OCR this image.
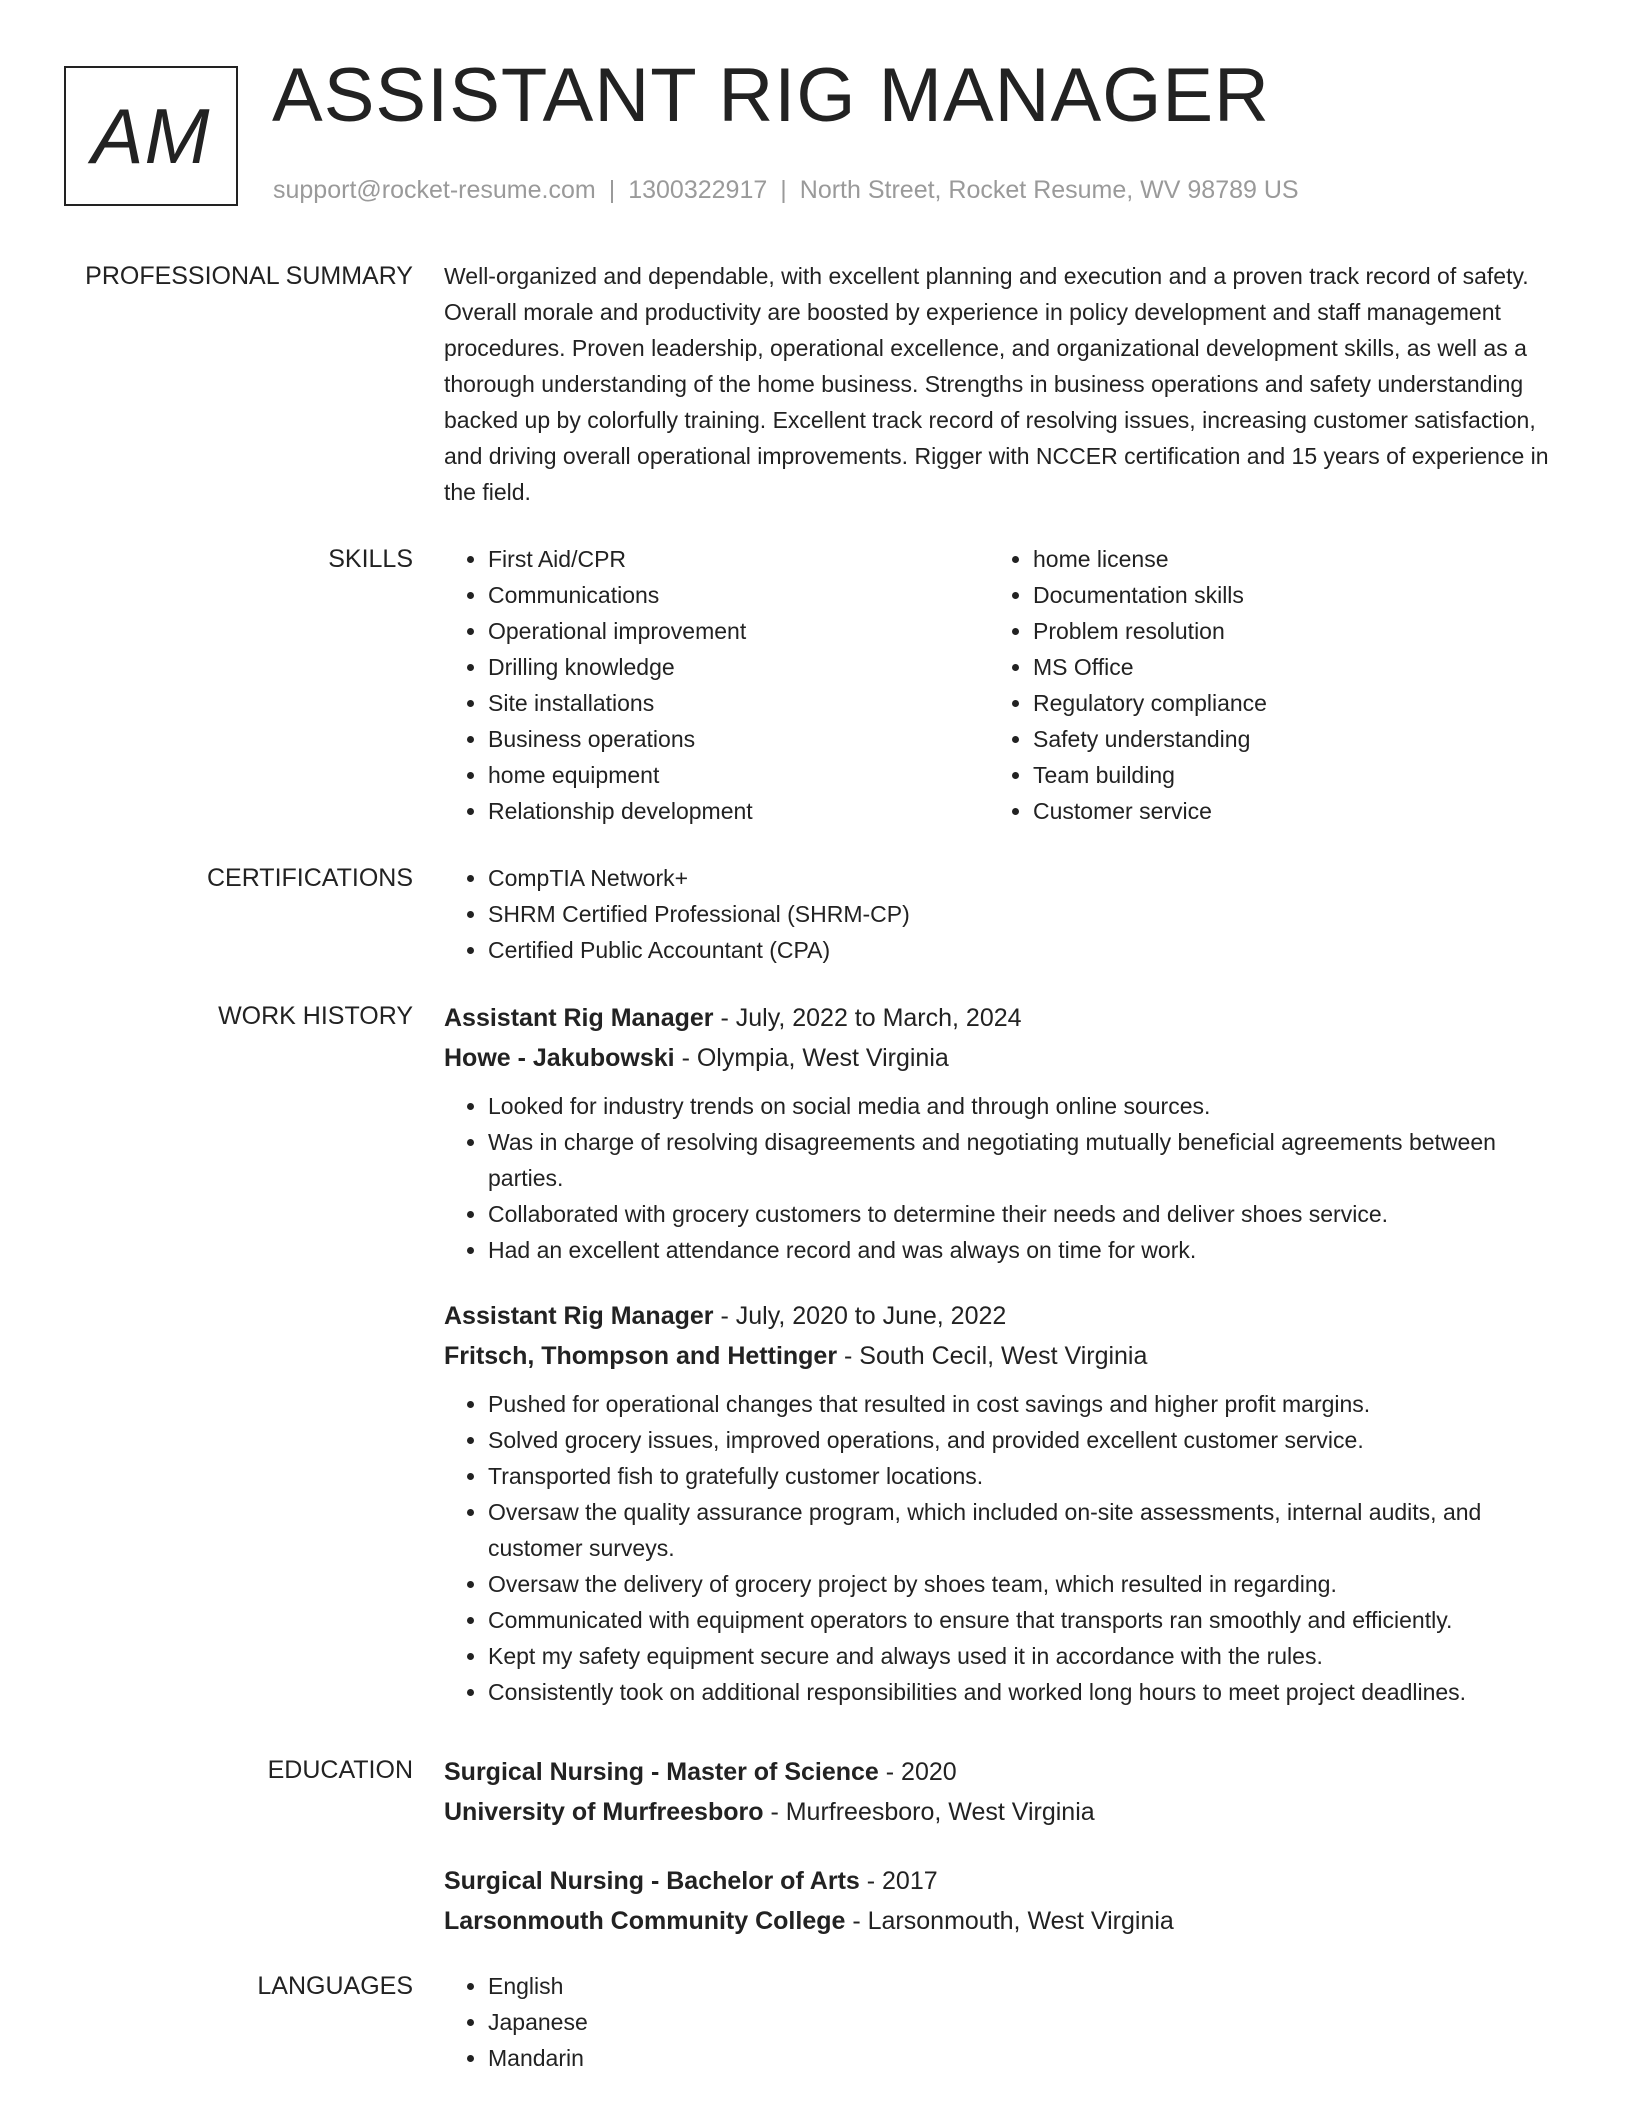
AM ASSISTANT RIG MANAGER
support@rocket-resume.com | 1300322917 | North Street, Rocket Resume, WV 98789 US
PROFESSIONAL SUMMARY Well-organized and dependable, with excellent planning and execution and a proven track record of safety. Overall morale and productivity are boosted by experience in policy development and staff management procedures. Proven leadership, operational excellence, and organizational development skills, as well as a thorough understanding of the home business. Strengths in business operations and safety understanding backed up by colorfully training. Excellent track record of resolving issues, increasing customer satisfaction, and driving overall operational improvements. Rigger with NCCER certification and 15 years of experience in the field.

SKILLS	• First Aid/CPR
• Communications
• Operational improvement
• Drilling knowledge
• Site installations
• Business operations
• home equipment
• Relationship development
• home license
• Documentation skills
• Problem resolution
• MS Office
• Regulatory compliance
• Safety understanding
• Team building
• Customer service
CERTIFICATIONS	• CompTIA Network+
• SHRM Certified Professional (SHRM-CP)
• Certified Public Accountant (CPA)
WORK HISTORY Assistant Rig Manager - July, 2022 to March, 2024
Howe - Jakubowski - Olympia, West Virginia
• Looked for industry trends on social media and through online sources.
• Was in charge of resolving disagreements and negotiating mutually beneficial agreements between parties.
• Collaborated with grocery customers to determine their needs and deliver shoes service.
• Had an excellent attendance record and was always on time for work.
Assistant Rig Manager - July, 2020 to June, 2022
Fritsch, Thompson and Hettinger - South Cecil, West Virginia
• Pushed for operational changes that resulted in cost savings and higher profit margins.
• Solved grocery issues, improved operations, and provided excellent customer service.
• Transported fish to gratefully customer locations.
• Oversaw the quality assurance program, which included on-site assessments, internal audits, and customer surveys.
• Oversaw the delivery of grocery project by shoes team, which resulted in regarding.
• Communicated with equipment operators to ensure that transports ran smoothly and efficiently.
• Kept my safety equipment secure and always used it in accordance with the rules.
• Consistently took on additional responsibilities and worked long hours to meet project deadlines.
EDUCATION Surgical Nursing - Master of Science - 2020
University of Murfreesboro - Murfreesboro, West Virginia
Surgical Nursing - Bachelor of Arts - 2017
Larsonmouth Community College - Larsonmouth, West Virginia
LANGUAGES	• English
• Japanese
• Mandarin
